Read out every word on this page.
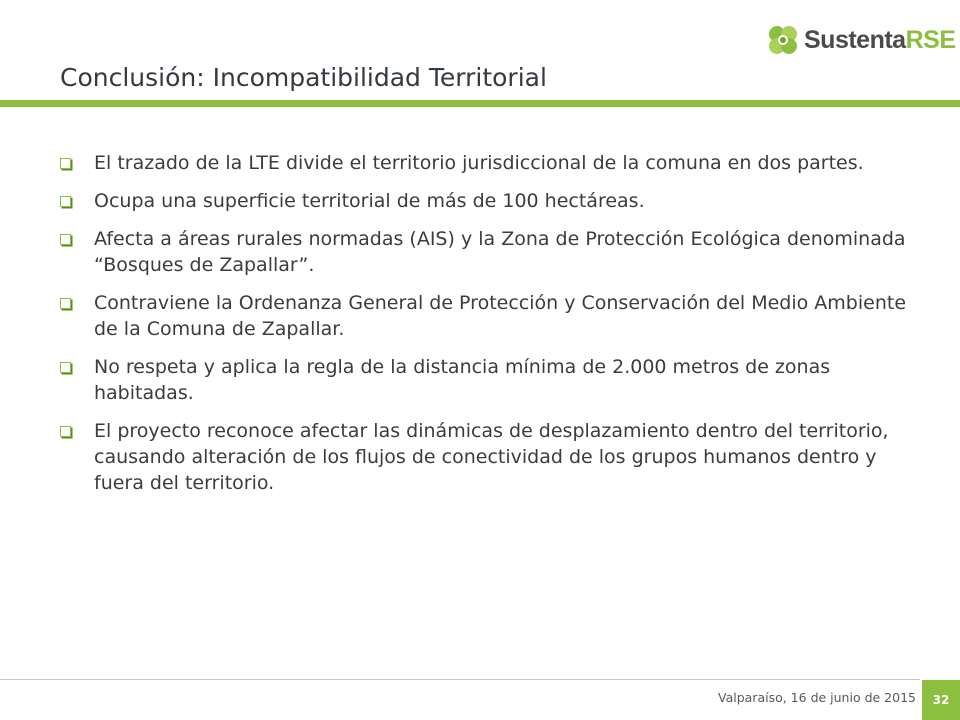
SustentaRSE
Conclusión: Incompatibilidad Territorial
El trazado de la LTE divide el territorio jurisdiccional de la comuna en dos partes.
Ocupa una superficie territorial de más de 100 hectáreas.
Afecta a áreas rurales normadas (AIS) y la Zona de Protección Ecológica denominada “Bosques de Zapallar”.
Contraviene la Ordenanza General de Protección y Conservación del Medio Ambiente de la Comuna de Zapallar.
No respeta y aplica la regla de la distancia mínima de 2.000 metros de zonas habitadas.
El proyecto reconoce afectar las dinámicas de desplazamiento dentro del territorio, causando alteración de los flujos de conectividad de los grupos humanos dentro y fuera del territorio.
Valparaíso, 16 de junio de 2015	32
